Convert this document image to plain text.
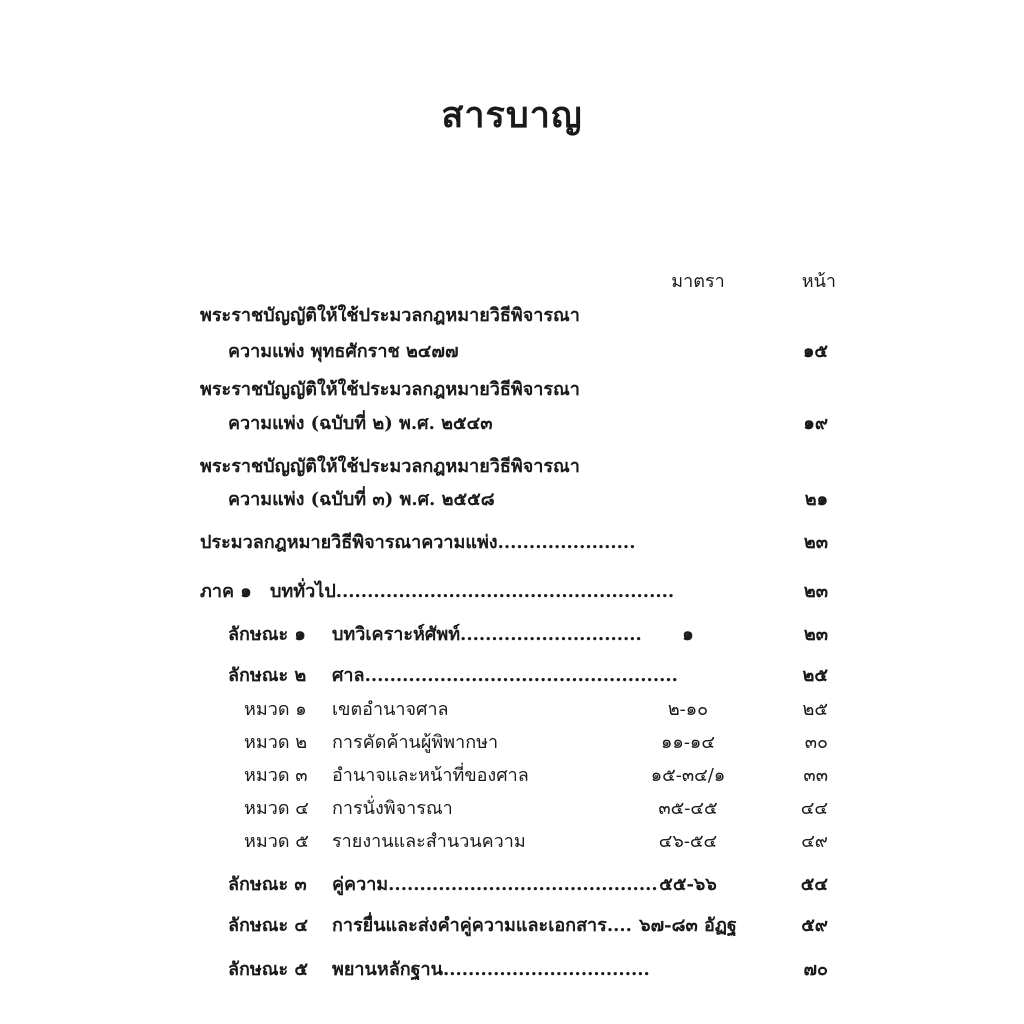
สารบาญ
มาตรา	หน้า
พระราชบัญญัติให้ใช้ประมวลกฎหมายวิธีพิจารณา
ความแพ่ง พุทธศักราช ๒๔๗๗	๑๕
พระราชบัญญัติให้ใช้ประมวลกฎหมายวิธีพิจารณา
ความแพ่ง (ฉบับที่ ๒) พ.ศ. ๒๕๔๓	๑๙
พระราชบัญญัติให้ใช้ประมวลกฎหมายวิธีพิจารณา
ความแพ่ง (ฉบับที่ ๓) พ.ศ. ๒๕๕๘	๒๑
ประมวลกฎหมายวิธีพิจารณาความแพ่ง......................	๒๓
ภาค ๑ บททั่วไป......................................................	๒๓
ลักษณะ ๑ บทวิเคราะห์ศัพท์.............................	๑	๒๓
ลักษณะ ๒ ศาล..................................................	๒๕
หมวด ๑ เขตอำนาจศาล	๒-๑๐	๒๕
หมวด ๒ การคัดค้านผู้พิพากษา	๑๑-๑๔	๓๐
หมวด ๓ อำนาจและหน้าที่ของศาล	๑๕-๓๔/๑	๓๓
หมวด ๔ การนั่งพิจารณา	๓๕-๔๕	๔๔
หมวด ๕ รายงานและสำนวนความ	๔๖-๕๔	๔๙
ลักษณะ ๓ คู่ความ........................................... ๕๕-๖๖	๕๔
ลักษณะ ๔ การยื่นและส่งคำคู่ความและเอกสาร.... ๖๗-๘๓ อัฏฐ	๕๙
ลักษณะ ๕ พยานหลักฐาน.................................	๗๐
